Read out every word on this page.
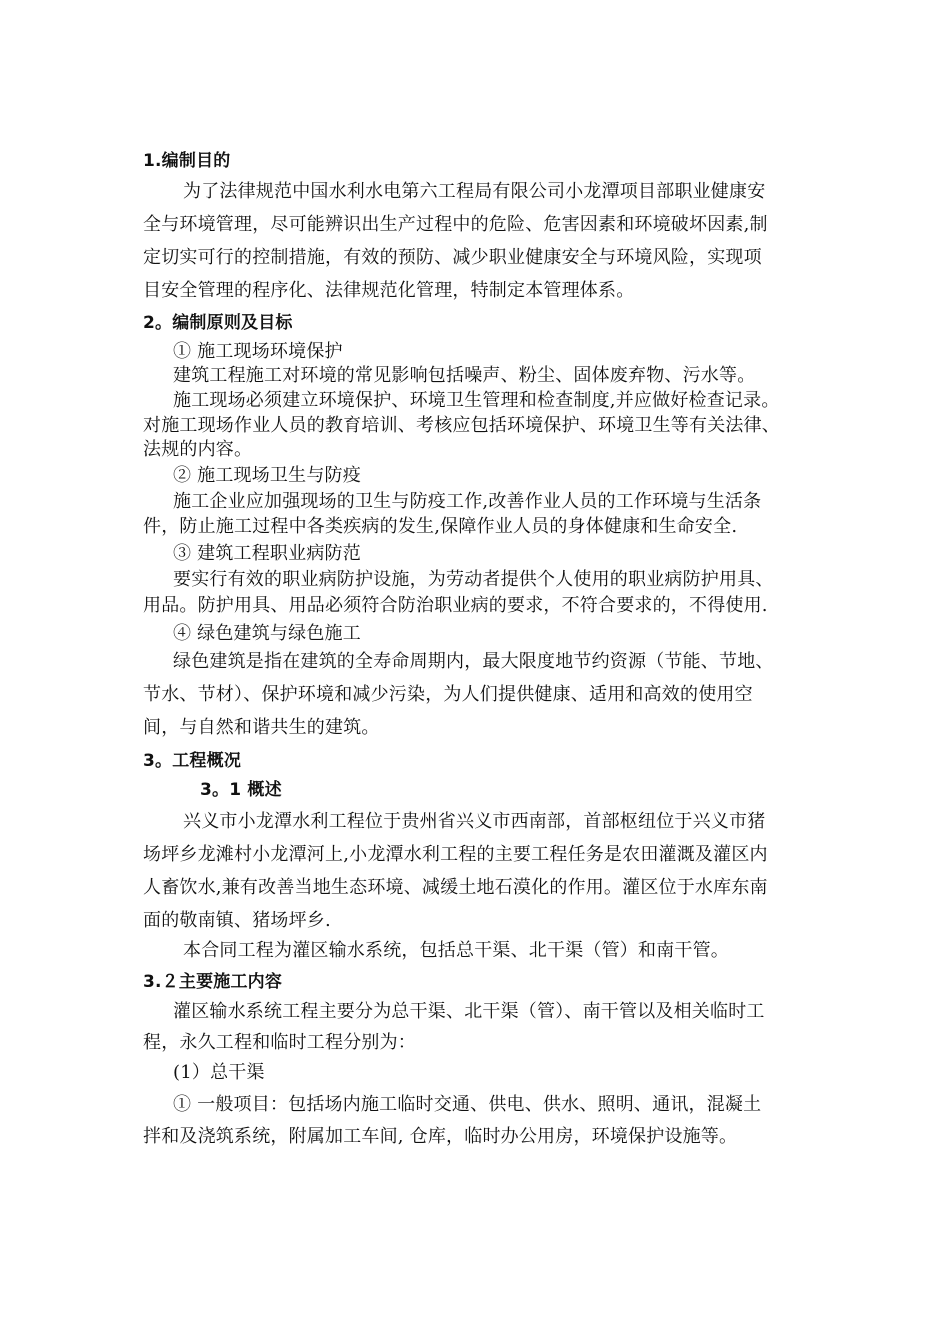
1.编制目的
为了法律规范中国水利水电第六工程局有限公司小龙潭项目部职业健康安
全与环境管理，尽可能辨识出生产过程中的危险、危害因素和环境破坏因素,制
定切实可行的控制措施，有效的预防、减少职业健康安全与环境风险，实现项
目安全管理的程序化、法律规范化管理，特制定本管理体系。
2。编制原则及目标
① 施工现场环境保护
建筑工程施工对环境的常见影响包括噪声、粉尘、固体废弃物、污水等。
施工现场必须建立环境保护、环境卫生管理和检查制度,并应做好检查记录。
对施工现场作业人员的教育培训、考核应包括环境保护、环境卫生等有关法律、
法规的内容。
② 施工现场卫生与防疫
施工企业应加强现场的卫生与防疫工作,改善作业人员的工作环境与生活条
件，防止施工过程中各类疾病的发生,保障作业人员的身体健康和生命安全.
③ 建筑工程职业病防范
要实行有效的职业病防护设施，为劳动者提供个人使用的职业病防护用具、
用品。防护用具、用品必须符合防治职业病的要求，不符合要求的，不得使用.
④ 绿色建筑与绿色施工
绿色建筑是指在建筑的全寿命周期内，最大限度地节约资源（节能、节地、
节水、节材）、保护环境和减少污染，为人们提供健康、适用和高效的使用空
间，与自然和谐共生的建筑。
3。工程概况
3。1 概述
兴义市小龙潭水利工程位于贵州省兴义市西南部，首部枢纽位于兴义市猪
场坪乡龙滩村小龙潭河上,小龙潭水利工程的主要工程任务是农田灌溉及灌区内
人畜饮水,兼有改善当地生态环境、减缓土地石漠化的作用。灌区位于水库东南
面的敬南镇、猪场坪乡.
本合同工程为灌区输水系统，包括总干渠、北干渠（管）和南干管。
3.２主要施工内容
灌区输水系统工程主要分为总干渠、北干渠（管）、南干管以及相关临时工
程，永久工程和临时工程分别为：
(1）总干渠
① 一般项目：包括场内施工临时交通、供电、供水、照明、通讯，混凝土
拌和及浇筑系统，附属加工车间, 仓库，临时办公用房，环境保护设施等。
